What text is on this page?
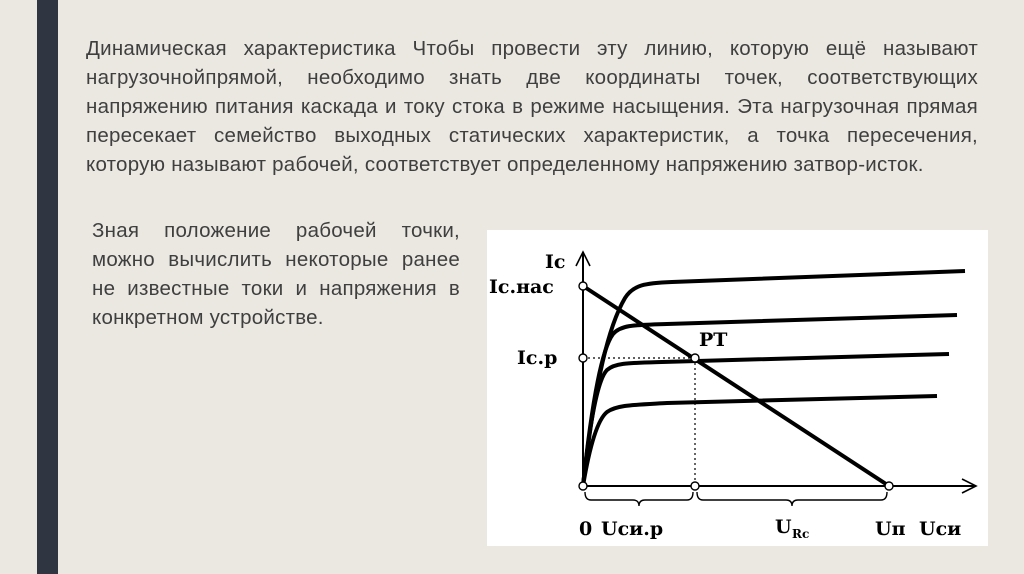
Динамическая характеристика Чтобы провести эту линию, которую ещё называют нагрузочнойпрямой, необходимо знать две координаты точек, соответствующих напряжению питания каскада и току стока в режиме насыщения. Эта нагрузочная прямая пересекает семейство выходных статических характеристик, а точка пересечения, которую называют рабочей, соответствует определенному напряжению затвор-исток.

Зная положение рабочей точки, можно вычислить некоторые ранее не известные токи и напряжения в конкретном устройстве.

Ic
Ic.нас
Ic.р
PT
0 Uси.р	U Rc	Uп Uси
